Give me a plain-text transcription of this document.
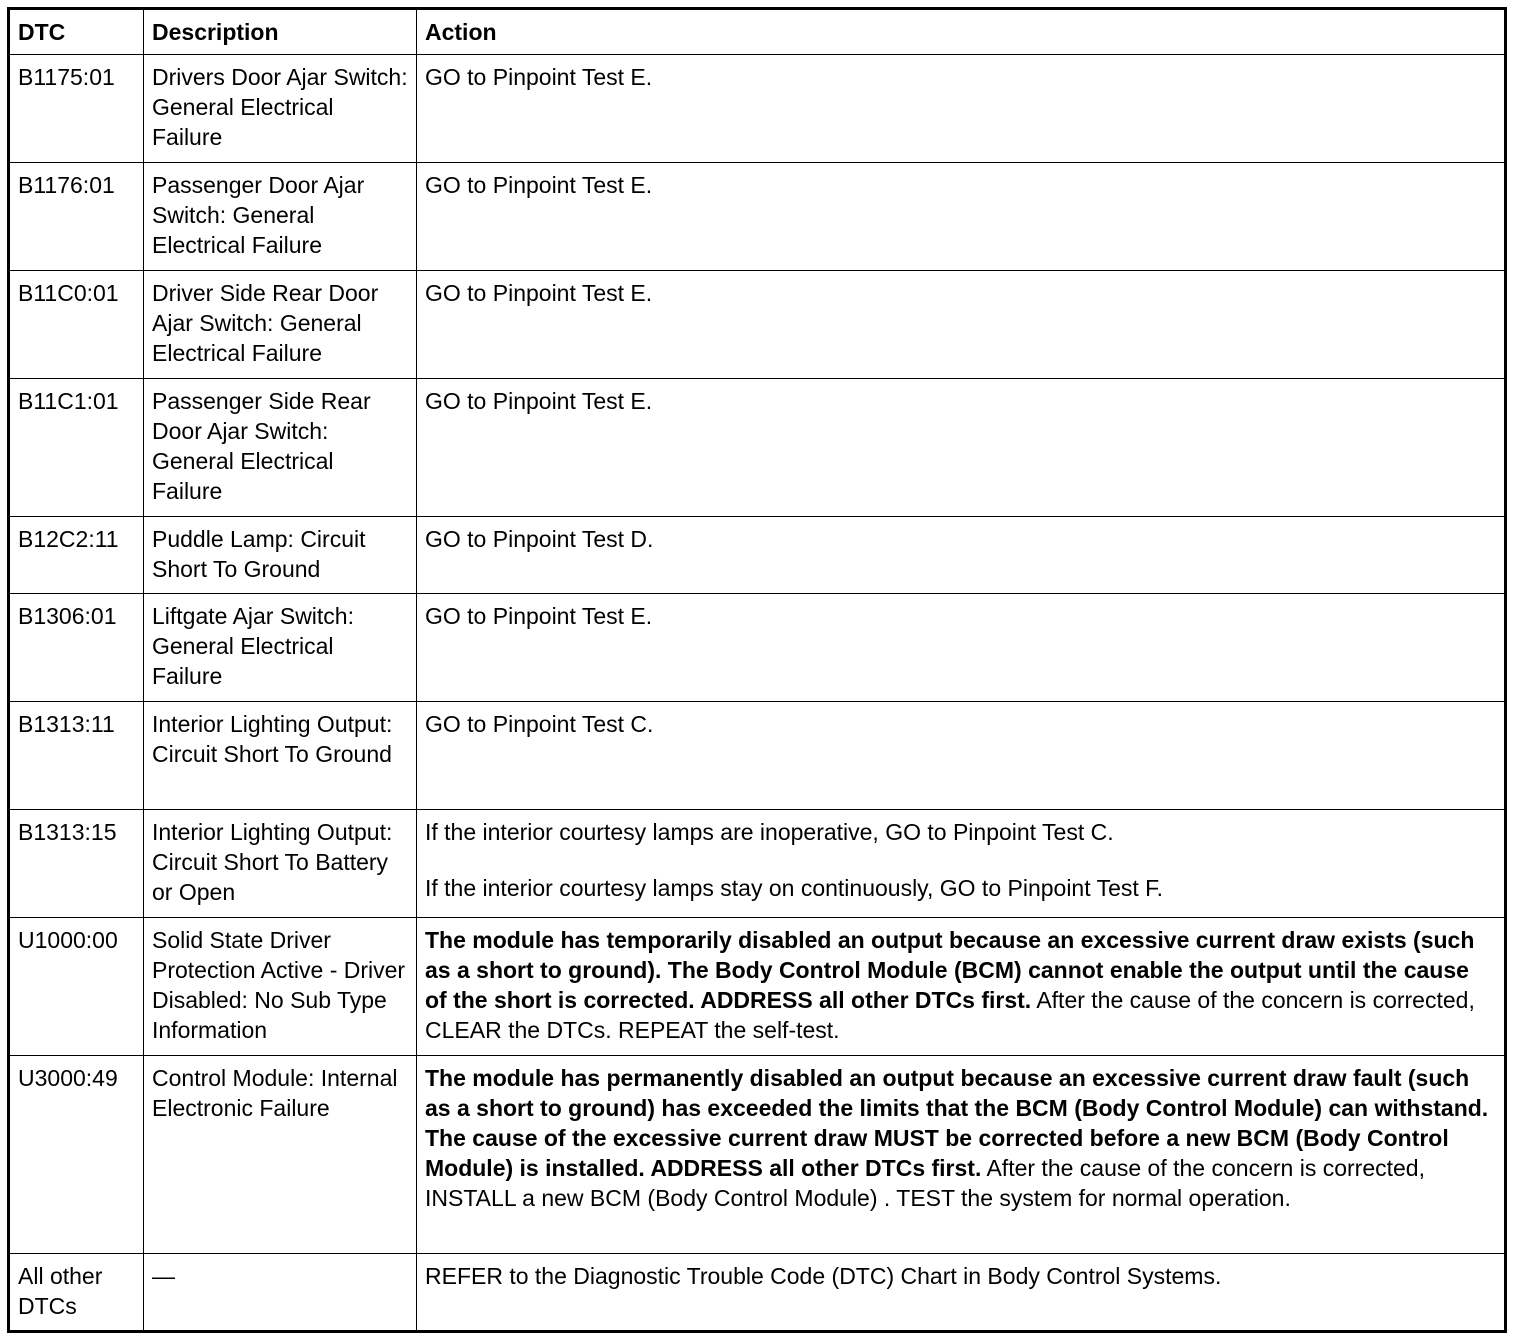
DTC	Description	Action
B1175:01	Drivers Door Ajar Switch: General Electrical Failure	GO to Pinpoint Test E.

B1176:01	Passenger Door Ajar Switch: General Electrical Failure	GO to Pinpoint Test E.

B11C0:01	Driver Side Rear Door Ajar Switch: General Electrical Failure	GO to Pinpoint Test E.

B11C1:01	Passenger Side Rear Door Ajar Switch: General Electrical Failure	GO to Pinpoint Test E.

B12C2:11	Puddle Lamp: Circuit Short To Ground	GO to Pinpoint Test D.

B1306:01	Liftgate Ajar Switch: General Electrical Failure	GO to Pinpoint Test E.

B1313:11	Interior Lighting Output: Circuit Short To Ground	GO to Pinpoint Test C.

B1313:15	Interior Lighting Output: Circuit Short To Battery or Open	If the interior courtesy lamps are inoperative, GO to Pinpoint Test C.
If the interior courtesy lamps stay on continuously, GO to Pinpoint Test F.

U1000:00	Solid State Driver Protection Active - Driver Disabled: No Sub Type Information	The module has temporarily disabled an output because an excessive current draw exists (such as a short to ground). The Body Control Module (BCM) cannot enable the output until the cause of the short is corrected. ADDRESS all other DTCs first. After the cause of the concern is corrected, CLEAR the DTCs. REPEAT the self-test.
U3000:49	Control Module: Internal Electronic Failure	The module has permanently disabled an output because an excessive current draw fault (such as a short to ground) has exceeded the limits that the BCM (Body Control Module) can withstand. The cause of the excessive current draw MUST be corrected before a new BCM (Body Control Module) is installed. ADDRESS all other DTCs first. After the cause of the concern is corrected, INSTALL a new BCM (Body Control Module) . TEST the system for normal operation.
All other DTCs	—	REFER to the Diagnostic Trouble Code (DTC) Chart in Body Control Systems.
